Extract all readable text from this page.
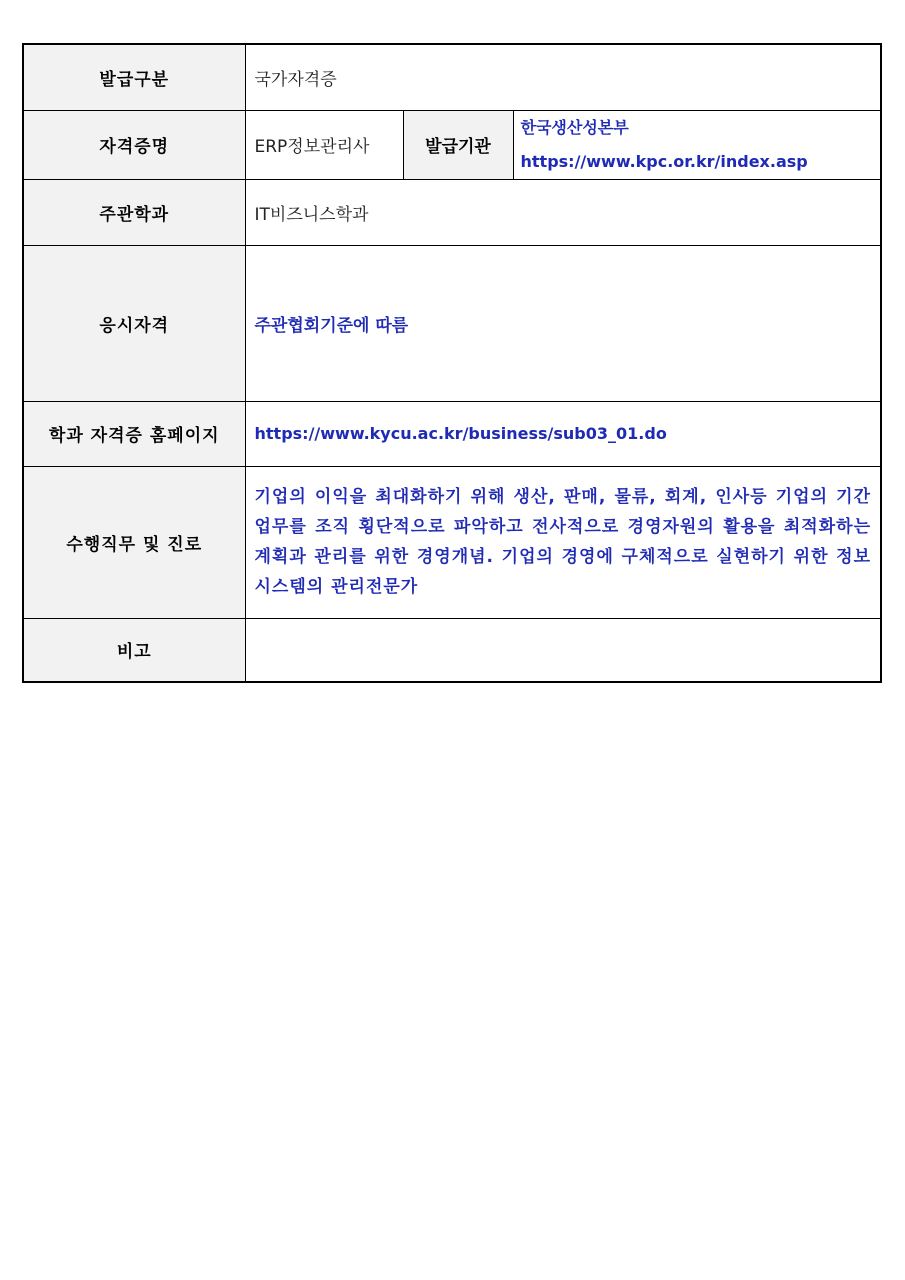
발급구분	국가자격증		
자격증명	ERP정보관리사	발급기관	한국생산성본부
https://www.kpc.or.kr/index.asp

주관학과	IT비즈니스학과		
응시자격	주관협회기준에 따름		
학과 자격증 홈페이지	https://www.kycu.ac.kr/business/sub03_01.do		
수행직무 및 진로	기업의 이익을 최대화하기 위해 생산, 판매, 물류, 회계, 인사등 기업의 기간업무를 조직 횡단적으로 파악하고 전사적으로 경영자원의 활용을 최적화하는 계획과 관리를 위한 경영개념. 기업의 경영에 구체적으로 실현하기 위한 정보시스템의 관리전문가		
비고			
